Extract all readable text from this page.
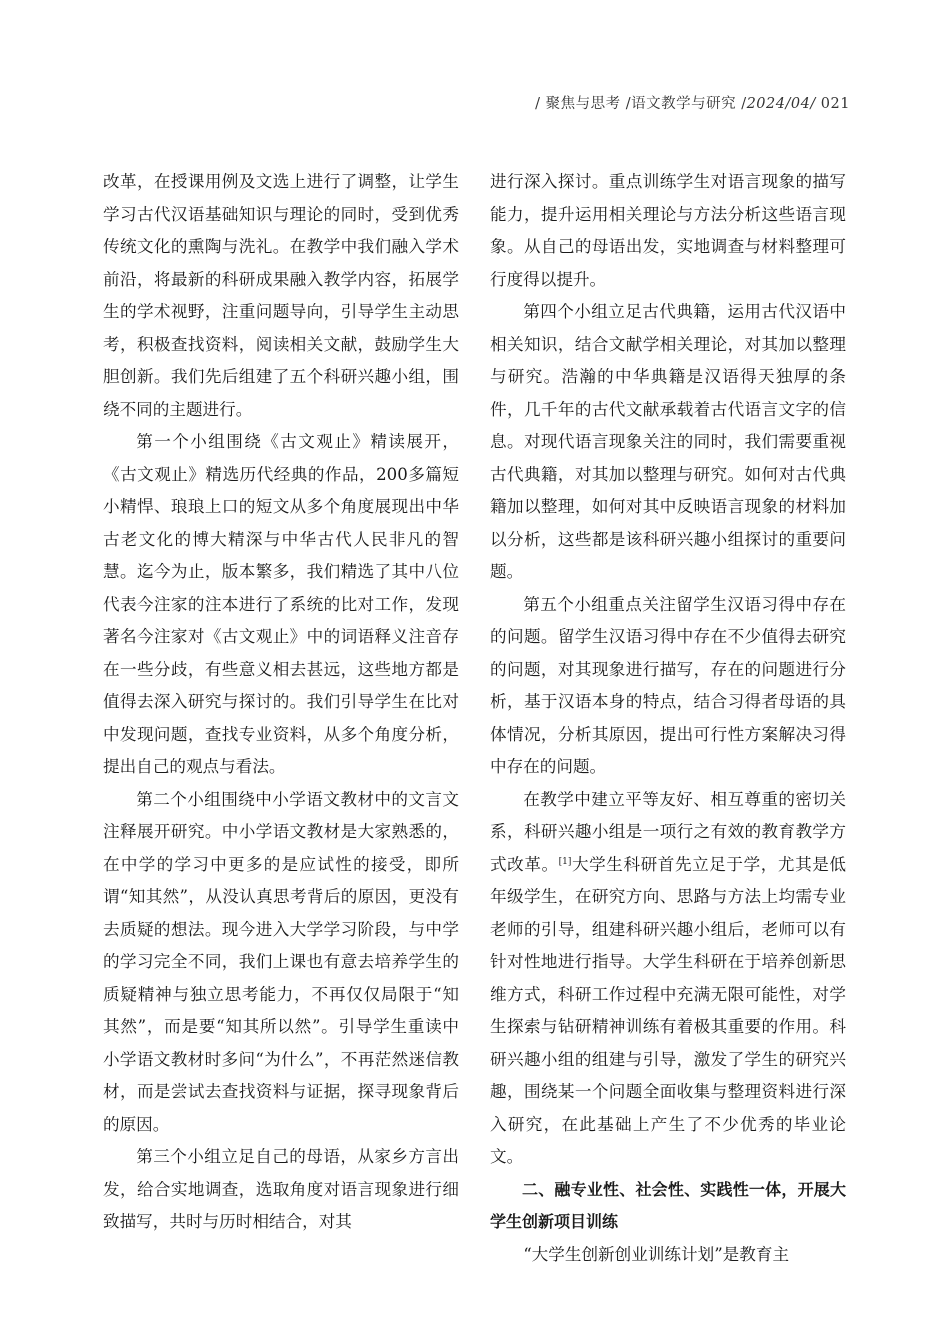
/ 聚焦与思考 /语文教学与研究 /2024/04/ 021

改革，在授课用例及文选上进行了调整，让学生学习古代汉语基础知识与理论的同时，受到优秀传统文化的熏陶与洗礼。在教学中我们融入学术前沿，将最新的科研成果融入教学内容，拓展学生的学术视野，注重问题导向，引导学生主动思考，积极查找资料，阅读相关文献，鼓励学生大胆创新。我们先后组建了五个科研兴趣小组，围绕不同的主题进行。

第一个小组围绕《古文观止》精读展开，《古文观止》精选历代经典的作品，200多篇短小精悍、琅琅上口的短文从多个角度展现出中华古老文化的博大精深与中华古代人民非凡的智慧。迄今为止，版本繁多，我们精选了其中八位代表今注家的注本进行了系统的比对工作，发现著名今注家对《古文观止》中的词语释义注音存在一些分歧，有些意义相去甚远，这些地方都是值得去深入研究与探讨的。我们引导学生在比对中发现问题，查找专业资料，从多个角度分析，提出自己的观点与看法。

第二个小组围绕中小学语文教材中的文言文注释展开研究。中小学语文教材是大家熟悉的，在中学的学习中更多的是应试性的接受，即所谓“知其然”，从没认真思考背后的原因，更没有去质疑的想法。现今进入大学学习阶段，与中学的学习完全不同，我们上课也有意去培养学生的质疑精神与独立思考能力，不再仅仅局限于“知其然”，而是要“知其所以然”。引导学生重读中小学语文教材时多问“为什么”，不再茫然迷信教材，而是尝试去查找资料与证据，探寻现象背后的原因。

第三个小组立足自己的母语，从家乡方言出发，给合实地调查，选取角度对语言现象进行细致描写，共时与历时相结合，对其

进行深入探讨。重点训练学生对语言现象的描写能力，提升运用相关理论与方法分析这些语言现象。从自己的母语出发，实地调查与材料整理可行度得以提升。

第四个小组立足古代典籍，运用古代汉语中相关知识，结合文献学相关理论，对其加以整理与研究。浩瀚的中华典籍是汉语得天独厚的条件，几千年的古代文献承载着古代语言文字的信息。对现代语言现象关注的同时，我们需要重视古代典籍，对其加以整理与研究。如何对古代典籍加以整理，如何对其中反映语言现象的材料加以分析，这些都是该科研兴趣小组探讨的重要问题。

第五个小组重点关注留学生汉语习得中存在的问题。留学生汉语习得中存在不少值得去研究的问题，对其现象进行描写，存在的问题进行分析，基于汉语本身的特点，结合习得者母语的具体情况，分析其原因，提出可行性方案解决习得中存在的问题。

在教学中建立平等友好、相互尊重的密切关系，科研兴趣小组是一项行之有效的教育教学方式改革。[1]大学生科研首先立足于学，尤其是低年级学生，在研究方向、思路与方法上均需专业老师的引导，组建科研兴趣小组后，老师可以有针对性地进行指导。大学生科研在于培养创新思维方式，科研工作过程中充满无限可能性，对学生探索与钻研精神训练有着极其重要的作用。科研兴趣小组的组建与引导，激发了学生的研究兴趣，围绕某一个问题全面收集与整理资料进行深入研究，在此基础上产生了不少优秀的毕业论文。

二、融专业性、社会性、实践性一体，开展大学生创新项目训练

“大学生创新创业训练计划”是教育主
